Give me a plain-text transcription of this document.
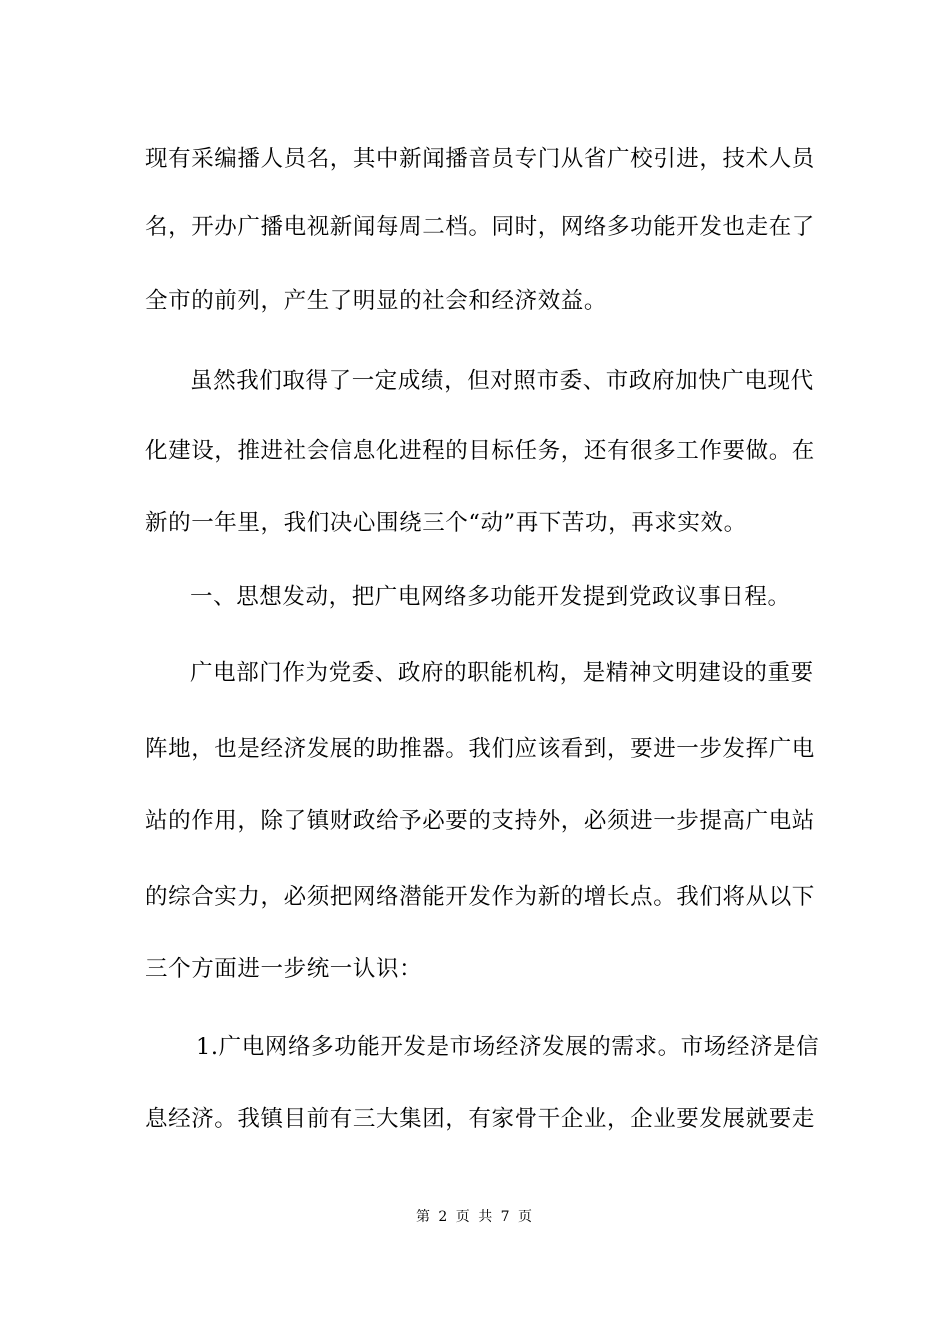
现有采编播人员名，其中新闻播音员专门从省广校引进，技术人员
名，开办广播电视新闻每周二档。同时，网络多功能开发也走在了
全市的前列，产生了明显的社会和经济效益。
虽然我们取得了一定成绩，但对照市委、市政府加快广电现代
化建设，推进社会信息化进程的目标任务，还有很多工作要做。在
新的一年里，我们决心围绕三个“动”再下苦功，再求实效。
一、思想发动，把广电网络多功能开发提到党政议事日程。
广电部门作为党委、政府的职能机构，是精神文明建设的重要
阵地，也是经济发展的助推器。我们应该看到，要进一步发挥广电
站的作用，除了镇财政给予必要的支持外，必须进一步提高广电站
的综合实力，必须把网络潜能开发作为新的增长点。我们将从以下
三个方面进一步统一认识：
1.广电网络多功能开发是市场经济发展的需求。市场经济是信
息经济。我镇目前有三大集团，有家骨干企业，企业要发展就要走
第 2 页 共 7 页
